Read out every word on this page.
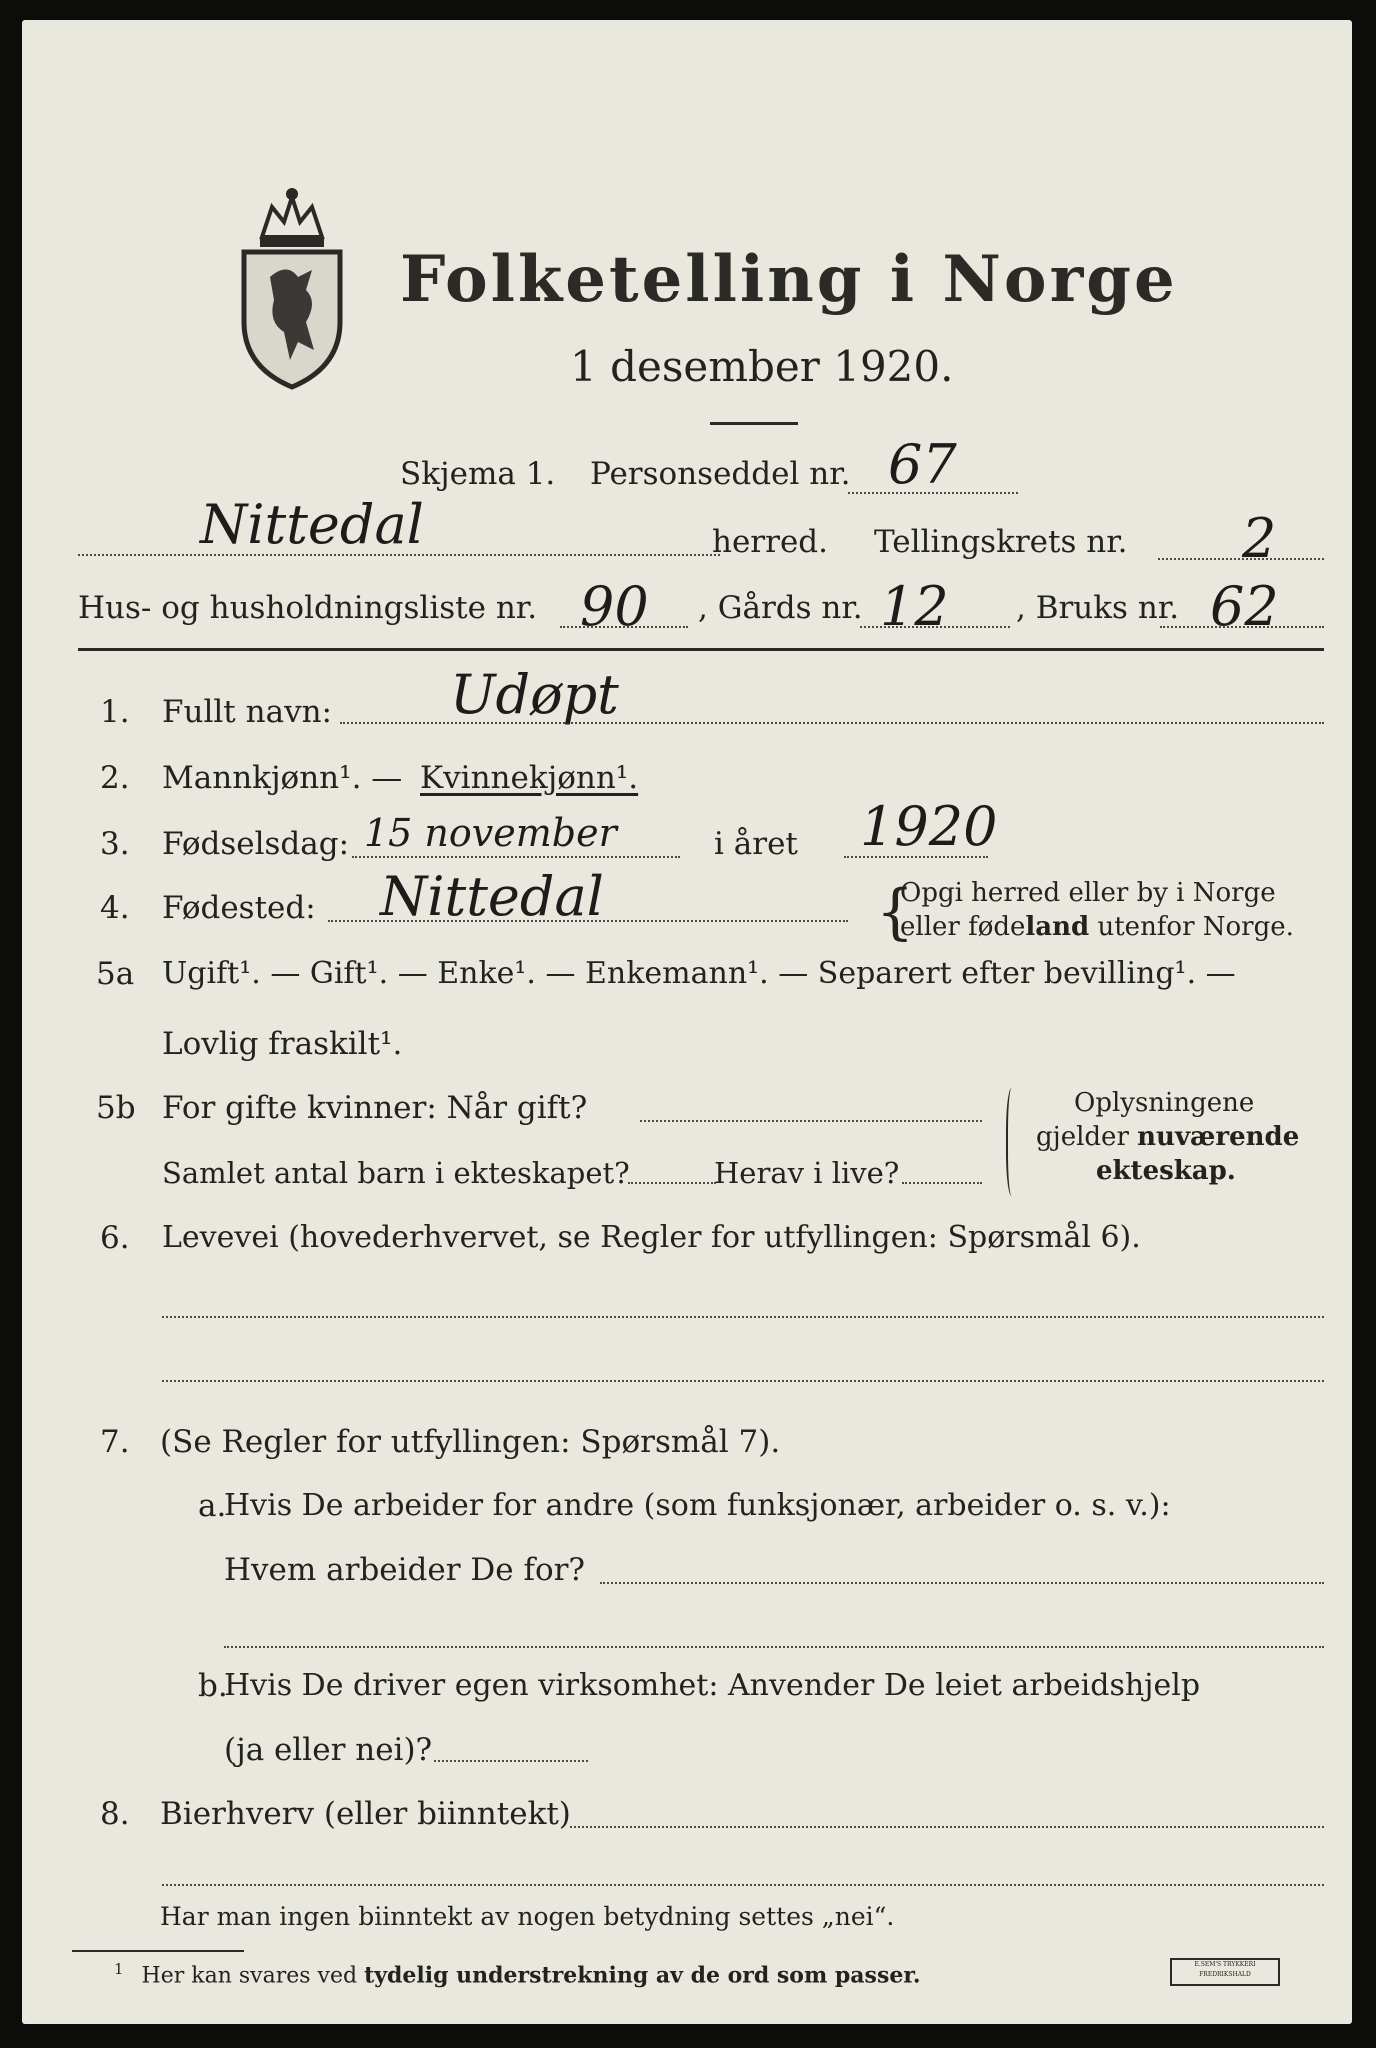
Folketelling i Norge
1 desember 1920.
Skjema 1. Personseddel nr. 67
Nittedal	herred. Tellingskrets nr. 2
Hus- og husholdningsliste nr. 90 , Gårds nr. 12 , Bruks nr. 62
1. Fullt navn: Udøpt
2. Mannkjønn¹. — Kvinnekjønn¹.
3. Fødselsdag: 15 november	i året 1920
4. Fødested: Nittedal	{
Opgi herred eller by i Norge
eller fødeland utenfor Norge.
5a Ugift¹. — Gift¹. — Enke¹. — Enkemann¹. — Separert efter bevilling¹. —
Lovlig fraskilt¹.
5b For gifte kvinner: Når gift?
Samlet antal barn i ekteskapet?	Herav i live?
Oplysningene
gjelder nuværende
ekteskap.
6. Levevei (hovederhvervet, se Regler for utfyllingen: Spørsmål 6).
7. (Se Regler for utfyllingen: Spørsmål 7).
a.
Hvis De arbeider for andre (som funksjonær, arbeider o. s. v.):
Hvem arbeider De for?
b.
Hvis De driver egen virksomhet: Anvender De leiet arbeidshjelp
(ja eller nei)?
8. Bierhverv (eller biinntekt)
Har man ingen biinntekt av nogen betydning settes „nei“.
$^1$ Her kan svares ved tydelig understrekning av de ord som passer.	E.SEM'S TRYKKERI
FREDRIKSHALD
